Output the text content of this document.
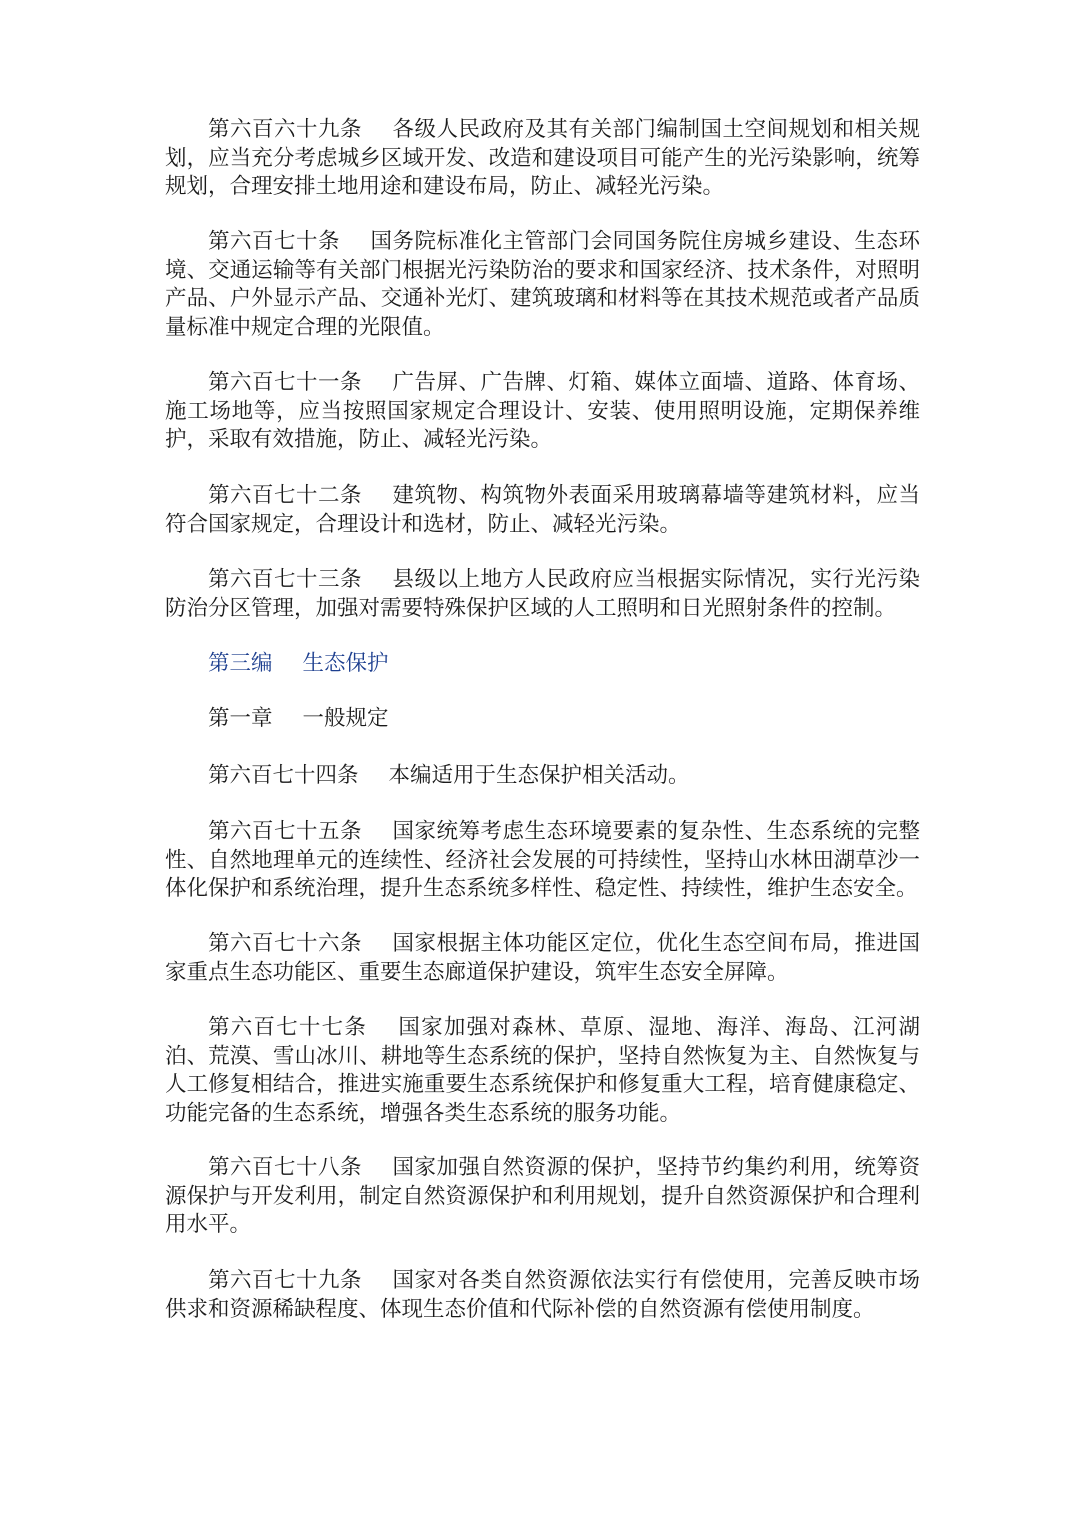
第六百六十九条 各级人民政府及其有关部门编制国土空间规划和相关规划，应当充分考虑城乡区域开发、改造和建设项目可能产生的光污染影响，统筹规划，合理安排土地用途和建设布局，防止、减轻光污染。

第六百七十条 国务院标准化主管部门会同国务院住房城乡建设、生态环境、交通运输等有关部门根据光污染防治的要求和国家经济、技术条件，对照明产品、户外显示产品、交通补光灯、建筑玻璃和材料等在其技术规范或者产品质量标准中规定合理的光限值。

第六百七十一条 广告屏、广告牌、灯箱、媒体立面墙、道路、体育场、施工场地等，应当按照国家规定合理设计、安装、使用照明设施，定期保养维护，采取有效措施，防止、减轻光污染。

第六百七十二条 建筑物、构筑物外表面采用玻璃幕墙等建筑材料，应当符合国家规定，合理设计和选材，防止、减轻光污染。

第六百七十三条 县级以上地方人民政府应当根据实际情况，实行光污染防治分区管理，加强对需要特殊保护区域的人工照明和日光照射条件的控制。

第三编 生态保护

第一章 一般规定

第六百七十四条 本编适用于生态保护相关活动。

第六百七十五条 国家统筹考虑生态环境要素的复杂性、生态系统的完整性、自然地理单元的连续性、经济社会发展的可持续性，坚持山水林田湖草沙一体化保护和系统治理，提升生态系统多样性、稳定性、持续性，维护生态安全。

第六百七十六条 国家根据主体功能区定位，优化生态空间布局，推进国家重点生态功能区、重要生态廊道保护建设，筑牢生态安全屏障。

第六百七十七条 国家加强对森林、草原、湿地、海洋、海岛、江河湖泊、荒漠、雪山冰川、耕地等生态系统的保护，坚持自然恢复为主、自然恢复与人工修复相结合，推进实施重要生态系统保护和修复重大工程，培育健康稳定、功能完备的生态系统，增强各类生态系统的服务功能。

第六百七十八条 国家加强自然资源的保护，坚持节约集约利用，统筹资源保护与开发利用，制定自然资源保护和利用规划，提升自然资源保护和合理利用水平。

第六百七十九条 国家对各类自然资源依法实行有偿使用，完善反映市场供求和资源稀缺程度、体现生态价值和代际补偿的自然资源有偿使用制度。
